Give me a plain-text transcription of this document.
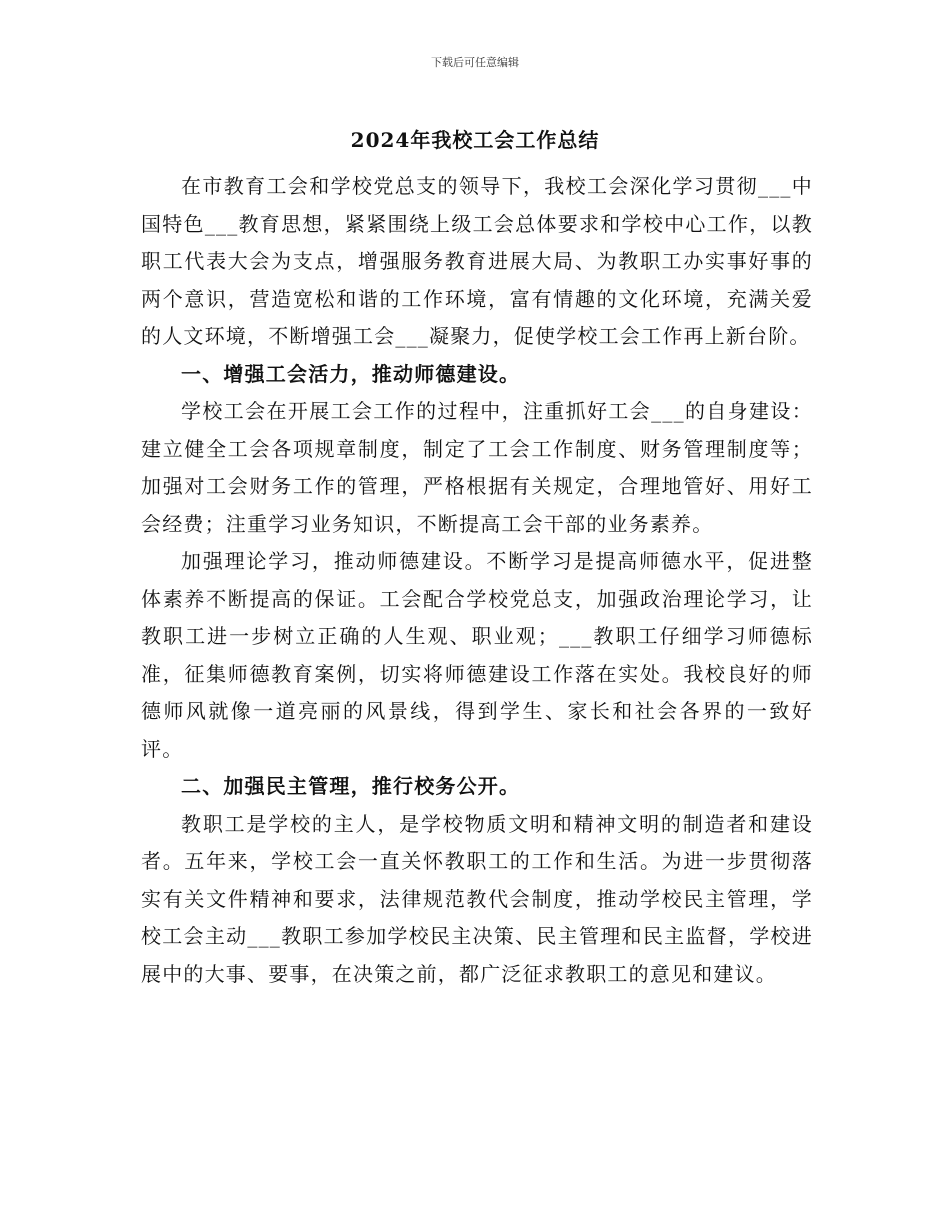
下载后可任意编辑
2024年我校工会工作总结

在市教育工会和学校党总支的领导下，我校工会深化学习贯彻___中国特色___教育思想，紧紧围绕上级工会总体要求和学校中心工作，以教职工代表大会为支点，增强服务教育进展大局、为教职工办实事好事的两个意识，营造宽松和谐的工作环境，富有情趣的文化环境，充满关爱的人文环境，不断增强工会___凝聚力，促使学校工会工作再上新台阶。

一、增强工会活力，推动师德建设。

学校工会在开展工会工作的过程中，注重抓好工会___的自身建设：建立健全工会各项规章制度，制定了工会工作制度、财务管理制度等；加强对工会财务工作的管理，严格根据有关规定，合理地管好、用好工会经费；注重学习业务知识，不断提高工会干部的业务素养。

加强理论学习，推动师德建设。不断学习是提高师德水平，促进整体素养不断提高的保证。工会配合学校党总支，加强政治理论学习，让教职工进一步树立正确的人生观、职业观；___教职工仔细学习师德标准，征集师德教育案例，切实将师德建设工作落在实处。我校良好的师德师风就像一道亮丽的风景线，得到学生、家长和社会各界的一致好评。

二、加强民主管理，推行校务公开。

教职工是学校的主人，是学校物质文明和精神文明的制造者和建设者。五年来，学校工会一直关怀教职工的工作和生活。为进一步贯彻落实有关文件精神和要求，法律规范教代会制度，推动学校民主管理，学校工会主动___教职工参加学校民主决策、民主管理和民主监督，学校进展中的大事、要事，在决策之前，都广泛征求教职工的意见和建议。
